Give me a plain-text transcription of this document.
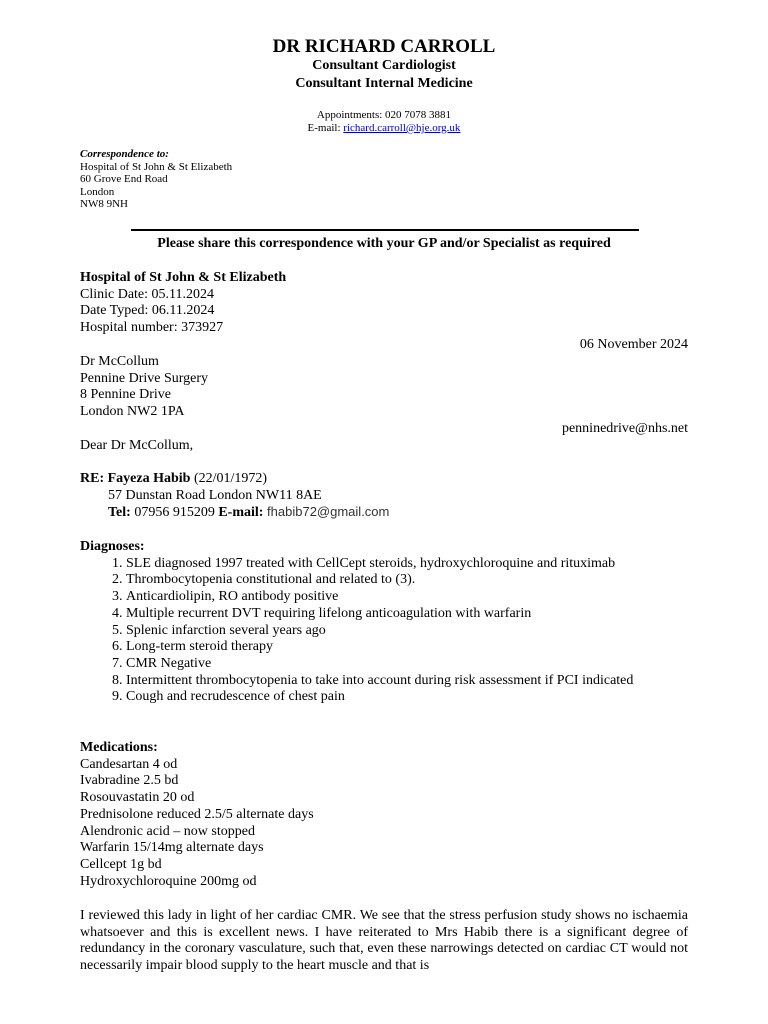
DR RICHARD CARROLL
Consultant Cardiologist
Consultant Internal Medicine
Appointments: 020 7078 3881
E-mail: richard.carroll@hje.org.uk
Correspondence to:
Hospital of St John & St Elizabeth
60 Grove End Road
London
NW8 9NH
Please share this correspondence with your GP and/or Specialist as required
Hospital of St John & St Elizabeth
Clinic Date: 05.11.2024
Date Typed: 06.11.2024
Hospital number: 373927
06 November 2024
Dr McCollum
Pennine Drive Surgery
8 Pennine Drive
London NW2 1PA
penninedrive@nhs.net
Dear Dr McCollum,
RE: Fayeza Habib (22/01/1972)
57 Dunstan Road London NW11 8AE
Tel: 07956 915209 E-mail: fhabib72@gmail.com
Diagnoses:
1. SLE diagnosed 1997 treated with CellCept steroids, hydroxychloroquine and rituximab
2. Thrombocytopenia constitutional and related to (3).
3. Anticardiolipin, RO antibody positive
4. Multiple recurrent DVT requiring lifelong anticoagulation with warfarin
5. Splenic infarction several years ago
6. Long-term steroid therapy
7. CMR Negative
8. Intermittent thrombocytopenia to take into account during risk assessment if PCI indicated
9. Cough and recrudescence of chest pain
Medications:
Candesartan 4 od
Ivabradine 2.5 bd
Rosouvastatin 20 od
Prednisolone reduced 2.5/5 alternate days
Alendronic acid – now stopped
Warfarin 15/14mg alternate days
Cellcept 1g bd
Hydroxychloroquine 200mg od
I reviewed this lady in light of her cardiac CMR. We see that the stress perfusion study shows no ischaemia whatsoever and this is excellent news. I have reiterated to Mrs Habib there is a significant degree of redundancy in the coronary vasculature, such that, even these narrowings detected on cardiac CT would not necessarily impair blood supply to the heart muscle and that is
